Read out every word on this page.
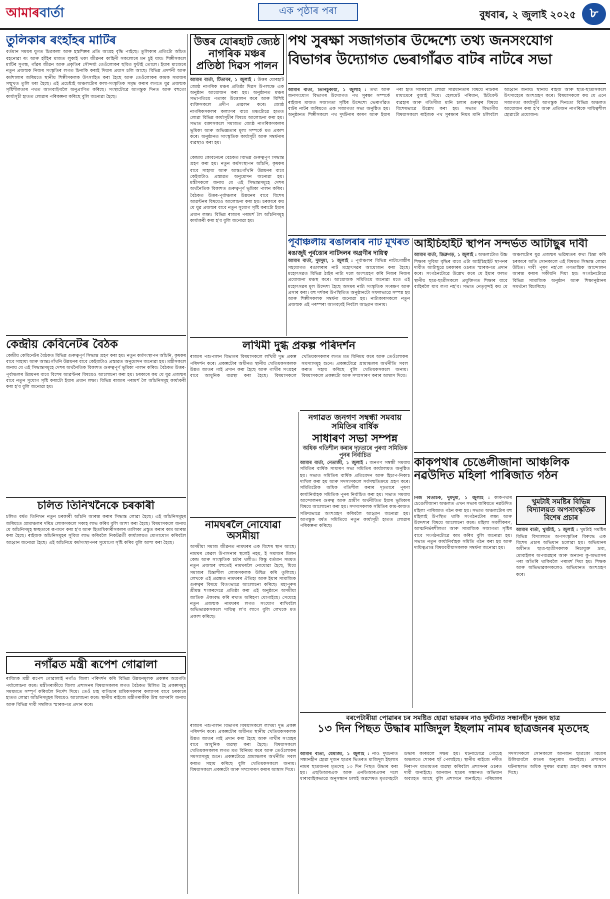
আমাৰবাৰ্তা	এক পৃষ্ঠাৰ পৰা	বুধবাৰ, ২ জুলাই ২০২৫	৮
তুলিকাৰ ৰংহাঁহৰ মাটিৰ
বর্তমান সময়ৰ যুগত চিত্ৰকলা আৰু হস্তশিল্পৰ প্রতি আগ্ৰহ বৃদ্ধি পাইছে। তুলিকাৰ প্রতিটো আঁচত বহনোৱা ৰং আৰু হাঁহিৰ মাজত লুকাই থকা জীৱনৰ কাহিনী সকলোৰে মন চুই যায়। শিল্পীসকলে মাটিৰ সুগন্ধ, গাঁৱৰ জীৱন আৰু প্ৰকৃতিৰ সৌন্দৰ্য্য তেওঁলোকৰ ছবিত ফুটাই তোলে। ইয়াৰ মাজেৰে নতুন প্ৰজন্মক নিজৰ সংস্কৃতিৰ লগত চিনাকি কৰাই দিয়াৰ প্ৰয়াস চলি আছে। বিভিন্ন প্ৰদৰ্শনী আৰু কৰ্মশালাৰ জৰিয়তে স্থানীয় শিল্পীসকলক উৎসাহিত কৰা হৈছে আৰু তেওঁলোকৰ কামক সমাজৰ সন্মুখত তুলি ধৰা হৈছে। এই প্ৰচেষ্টাই অঞ্চলটোৰ কলা-সংস্কৃতিক সমৃদ্ধ কৰাৰ লগতে যুৱ প্ৰজন্মক সৃষ্টিশীলতাৰ পথত আগবাঢ়িবলৈ অনুপ্ৰাণিত কৰিছে। সংস্থাটোৱে আগন্তুক দিনত আৰু বহুতো কাৰ্য্যসূচী হাতত লোৱাৰ পৰিকল্পনা কৰিছে বুলি জনোৱা হৈছে।
উত্তৰ যোৰহাট জ্যেষ্ঠ নাগৰিক মঞ্চৰ প্ৰতিষ্ঠা দিৱস পালন
আমাৰ বাৰ্তা, টিতাবৰ, ১ জুলাই : উত্তৰ যোৰহাট জ্যেষ্ঠ নাগৰিক মঞ্চৰ প্ৰতিষ্ঠা দিৱস উপলক্ষে এক অনুষ্ঠান আয়োজন কৰা হয়। অনুষ্ঠানত মঞ্চৰ সভাপতিয়ে পতাকা উত্তোলন কৰে আৰু বিশিষ্ট ব্যক্তিসকলে প্ৰদীপ প্ৰজ্বলন কৰে। জ্যেষ্ঠ নাগৰিকসকলৰ কল্যাণৰ বাবে মঞ্চটোৱে হাতত লোৱা বিভিন্ন কাৰ্য্যসূচীৰ বিষয়ে আলোচনা কৰা হয়। সভাত বক্তাসকলে সমাজত জ্যেষ্ঠ নাগৰিকসকলৰ ভূমিকা আৰু অভিজ্ঞতাৰ মূল্য সম্পৰ্কে মত প্ৰকাশ কৰে। অনুষ্ঠানত সাংস্কৃতিক কাৰ্য্যসূচী আৰু সম্বৰ্ধনাৰ ব্যৱস্থাও কৰা হয়।
পথ সুৰক্ষা সজাগতাৰ উদ্দেশ্যে তথ্য জনসংযোগ
বিভাগৰ উদ্যোগত ভেৰাগাঁৱত বাটৰ নাটৰে সভা
আমাৰ বাৰ্তা, তিনিচুকীয়া, ১ জুলাই : তথ্য আৰু জনসংযোগ বিভাগৰ উদ্যোগত পথ সুৰক্ষা সম্পৰ্কে ৰাইজৰ মাজত সজাগতা সৃষ্টিৰ উদ্দেশ্যে ভেৰাগাঁৱত বাটৰ নাটৰ জৰিয়তে এক সজাগতা সভা অনুষ্ঠিত হয়। অনুষ্ঠানত শিল্পীসকলে পথ দুৰ্ঘটনাৰ কাৰণ আৰু ইয়াৰ পৰা হাত সাৰিবলৈ লোৱা সাৱধানতাৰ বিষয়ে নাটকৰ মাধ্যমেৰে বুজাই দিয়ে। হেলমেট পৰিধান, চিটবেল্ট ব্যৱহাৰ আৰু গতিসীমা মানি চলাৰ গুৰুত্বৰ বিষয়ে বিশেষভাৱে উল্লেখ কৰা হয়। সভাত বিভাগীয় বিষয়াসকলে ৰাইজক পথ সুৰক্ষাৰ নিয়ম মানি চলিবলৈ আহ্বান জনায়। স্থানীয় ৰাইজ আৰু ছাত্ৰ-ছাত্ৰীসকলে উৎসাহেৰে অংশগ্ৰহণ কৰে। বিষয়াসকলে কয় যে এনে সজাগতা কাৰ্য্যসূচী আগন্তুক দিনতো বিভিন্ন অঞ্চলত আয়োজন কৰা হ'ব আৰু প্ৰতিজন নাগৰিকে দায়িত্বশীল হোৱাটো প্ৰয়োজন।
কেন্দ্ৰীয় কেবিনেটৰ বৈঠকত বিভিন্ন গুৰুত্বপূৰ্ণ সিদ্ধান্ত গ্ৰহণ কৰা হয়। নতুন কৰ্মসংস্থাপন আঁচনি, কৃষকৰ বাবে সাহায্য আৰু আন্তঃগাঁথনি উন্নয়নৰ বাবে কেইবাটাও প্ৰস্তাৱত অনুমোদন জনোৱা হয়। মন্ত্ৰীসকলে জনায় যে এই সিদ্ধান্তসমূহে দেশৰ অৰ্থনৈতিক বিকাশত গুৰুত্বপূৰ্ণ ভূমিকা পালন কৰিব। বৈঠকত উত্তৰ-পূৰ্বাঞ্চলৰ উন্নয়নৰ বাবে বিশেষ আৱণ্টনৰ বিষয়েও আলোচনা কৰা হয়। চৰকাৰে কয় যে যুৱ প্ৰজন্মৰ বাবে নতুন সুযোগ সৃষ্টি কৰাটো ইয়াৰ প্ৰধান লক্ষ্য। বিভিন্ন ৰাজ্যৰ পৰামৰ্শ লৈ আঁচনিসমূহ কাৰ্য্যকৰী কৰা হ'ব বুলি জনোৱা হয়।
পূৰ্বাঞ্চলীয় ৰঙালৰাৰ নাট মূখৰত
ৰঙাজুই পূৰ্বত্তোৰ নাটিদলৰ অগ্ৰণীৰ দায়িত্ব
আমাৰ বাৰ্তা, দুমদুমা, ১ জুলাই : পূৰ্বাঞ্চলৰ বিভিন্ন নাট্যগোষ্ঠীৰ সহযোগত ৰঙালৰাৰ নাট মহোৎসৱৰ আয়োজন কৰা হৈছে। মহোৎসৱত বিভিন্ন ঠাইৰ নাট্য দলে অংশগ্ৰহণ কৰি নিজৰ নিজৰ প্ৰযোজনা মঞ্চস্থ কৰে। আয়োজক সমিতিয়ে জনোৱা মতে এই মহোৎসৱৰ মূল উদ্দেশ্য হৈছে অসমৰ নাট্য সংস্কৃতিক সংৰক্ষণ আৰু প্ৰসাৰ কৰা। বহু দৰ্শকৰ উপস্থিতিত অনুষ্ঠানটো সফলভাৱে সম্পন্ন হয় আৰু শিল্পীসকলক সম্বৰ্ধনা জনোৱা হয়। নাট্যকাৰসকলে নতুন প্ৰজন্মক এই পৰম্পৰা আগবঢ়াই নিবলৈ আহ্বান জনায়।
আইচিহাইট স্থাপন সন্দৰ্ভত আটাছুৰ দাবী
আমাৰ বাৰ্তা, ডিব্ৰুগড়, ১ জুলাই : অঞ্চলটোত উচ্চ শিক্ষাৰ সুবিধা বৃদ্ধিৰ বাবে এটা আইচিহাইট স্থাপনৰ দাবীত আটাছুৱে চৰকাৰৰ ওচৰত স্মাৰকপত্ৰ প্ৰদান কৰে। সংগঠনটোৱে উল্লেখ কৰে যে ইয়াৰ ফলত স্থানীয় ছাত্ৰ-ছাত্ৰীসকলে প্ৰযুক্তিগত শিক্ষাৰ বাবে বাহিৰলৈ যাব লগা নহ'ব। সভাত নেতৃবৃন্দই কয় যে অঞ্চলটোৰ যুৱ প্ৰজন্মৰ ভৱিষ্যতৰ কথা চিন্তা কৰি চৰকাৰে অতি সোনকালে এই বিষয়ত সিদ্ধান্ত লোৱা উচিত। দাবী পূৰণ নহ'লে গণতান্ত্ৰিক আন্দোলন আৰম্ভ কৰাৰ সকীয়নি দিয়া হয়। সংগঠনটোৱে বিভিন্ন সামাজিক অনুষ্ঠান আৰু শিক্ষানুষ্ঠানৰ সমৰ্থনো বিচাৰিছে।
কেন্দ্ৰীয় কেবিনেটৰ বৈঠক
কেন্দ্ৰীয় কেবিনেটৰ বৈঠকত বিভিন্ন গুৰুত্বপূৰ্ণ সিদ্ধান্ত গ্ৰহণ কৰা হয়। নতুন কৰ্মসংস্থাপন আঁচনি, কৃষকৰ বাবে সাহায্য আৰু আন্তঃগাঁথনি উন্নয়নৰ বাবে কেইবাটাও প্ৰস্তাৱত অনুমোদন জনোৱা হয়। মন্ত্ৰীসকলে জনায় যে এই সিদ্ধান্তসমূহে দেশৰ অৰ্থনৈতিক বিকাশত গুৰুত্বপূৰ্ণ ভূমিকা পালন কৰিব। বৈঠকত উত্তৰ-পূৰ্বাঞ্চলৰ উন্নয়নৰ বাবে বিশেষ আৱণ্টনৰ বিষয়েও আলোচনা কৰা হয়। চৰকাৰে কয় যে যুৱ প্ৰজন্মৰ বাবে নতুন সুযোগ সৃষ্টি কৰাটো ইয়াৰ প্ৰধান লক্ষ্য। বিভিন্ন ৰাজ্যৰ পৰামৰ্শ লৈ আঁচনিসমূহ কাৰ্য্যকৰী কৰা হ'ব বুলি জনোৱা হয়।
লখিমী দুগ্ধ প্ৰকল্প পৰিদৰ্শন
ৰাজ্যৰ পশুপালন বিভাগৰ বিষয়াসকলে লখিমী দুগ্ধ প্ৰকল্প পৰিদৰ্শন কৰে। প্ৰকল্পটোৰ অধীনত স্থানীয় খেতিয়কসকলক উন্নত জাতৰ গাই প্ৰদান কৰা হৈছে আৰু গাখীৰ সংগ্ৰহৰ বাবে আধুনিক ব্যৱস্থা কৰা হৈছে। বিষয়াসকলে খেতিয়কসকলৰ লগত মত বিনিময় কৰে আৰু তেওঁলোকৰ সমস্যাসমূহ শুনে। প্ৰকল্পটোৱে গ্ৰামাঞ্চলৰ অৰ্থনীতি সবল কৰাত সহায় কৰিছে বুলি খেতিয়কসকলে জনায়। বিষয়াসকলে প্ৰকল্পটো আৰু সম্প্ৰসাৰণ কৰাৰ আশ্বাস দিয়ে।
নগাঁৱত জনগণ সম্বন্ধী সমবায় সমিতিৰ বাৰ্ষিক
সাধাৰণ সভা সম্পন্ন
অধিক গতিশীল কৰাৰ দৃঢ়তাৰে পুৰণা সমিতিক পুনৰ নিৰ্বাচিত
আমাৰ বাৰ্তা, নেতাজী, ১ জুলাই : জনগণ সম্বন্ধী সমবায় সমিতিৰ বাৰ্ষিক সাধাৰণ সভা সমিতিৰ কাৰ্য্যালয়ত অনুষ্ঠিত হয়। সভাত সমিতিৰ বাৰ্ষিক প্ৰতিবেদন আৰু হিচাপ-নিকাচ দাখিল কৰা হয় আৰু সদস্যসকলে সৰ্বসন্মতিক্ৰমে গ্ৰহণ কৰে। সমিতিটোক অধিক গতিশীল কৰাৰ দৃঢ়তাৰে পুৰণা কাৰ্য্যনিৰ্বাহক সমিতিক পুনৰ নিৰ্বাচিত কৰা হয়। সভাত সমবায় আন্দোলনৰ গুৰুত্ব আৰু গ্ৰামীণ অৰ্থনীতিত ইয়াৰ ভূমিকাৰ বিষয়ে আলোচনা কৰা হয়। সদস্যসকলক সমিতিৰ কাম-কাজত সক্ৰিয়ভাৱে অংশগ্ৰহণ কৰিবলৈ আহ্বান জনোৱা হয়। আগন্তুক বৰ্ষত সমিতিয়ে নতুন কাৰ্য্যসূচী হাতত লোৱাৰ পৰিকল্পনা কৰিছে।
কাকপথাৰ চেঙেলীজানা আঞ্চলিক
নৱউদিত মহিলা পাৰিজাত গঠন
নিজ বিৰ্তাচক, দুমদুমা, ১ জুলাই : কাকপথাৰ চেঙেলীজানা অঞ্চলত এখন সভাৰ জৰিয়তে নৱউদিত মহিলা পাৰিজাত গঠন কৰা হয়। সভাত অঞ্চলটোৰ বহু মহিলাই উপস্থিত থাকি সংগঠনটোৰ লক্ষ্য আৰু উদ্দেশ্যৰ বিষয়ে আলোচনা কৰে। মহিলা সবলীকৰণ, আত্মনিৰ্ভৰশীলতা আৰু সামাজিক সজাগতা সৃষ্টিৰ বাবে সংগঠনটোৱে কাম কৰিব বুলি জনোৱা হয়। সভাত নতুন কাৰ্য্যনিৰ্বাহক সমিতি গঠন কৰা হয় আৰু দায়িত্বপ্ৰাপ্ত বিষয়ববীয়াসকলক সম্বৰ্ধনা জনোৱা হয়।
খুমটাই সমষ্টিৰ বিভিন্ন বিদ্যালয়ত অপসাংস্কৃতিক বিশেষ প্ৰচাৰ
আমাৰ বাৰ্তা, খুমটাই, ১ জুলাই : খুমটাই সমষ্টিৰ বিভিন্ন বিদ্যালয়ত অপসংস্কৃতিৰ বিৰুদ্ধে এক বিশেষ প্ৰচাৰ অভিযান চলোৱা হয়। অভিযানৰ অধীনত ছাত্ৰ-ছাত্ৰীসকলক নিচাযুক্ত দ্ৰব্য, মোবাইলৰ অপব্যৱহাৰ আৰু অন্যান্য কু-অভ্যাসৰ পৰা আঁতৰি থাকিবলৈ পৰামৰ্শ দিয়া হয়। শিক্ষক আৰু অভিভাৱকসকলেও অভিযানত অংশগ্ৰহণ কৰে।
চলিত তিনিখনৈকে চৰকাৰী
চলিত বৰ্ষত তিনিখন নতুন চৰকাৰী আঁচনি আৰম্ভ কৰাৰ সিদ্ধান্ত লোৱা হৈছে। এই আঁচনিসমূহৰ জৰিয়তে গ্ৰামাঞ্চলৰ দৰিদ্ৰ লোকসকলে সকাহ লাভ কৰিব বুলি আশা কৰা হৈছে। বিষয়াসকলে জনায় যে আঁচনিসমূহ স্বচ্ছতাৰে ৰূপায়ণ কৰা হ'ব আৰু হিতাধিকাৰীসকলৰ তালিকা প্ৰস্তুত কৰাৰ কাম আৰম্ভ কৰা হৈছে। ৰাইজক আঁচনিসমূহৰ সুবিধা লাভ কৰিবলৈ নিকটৱৰ্তী কাৰ্য্যালয়ত যোগাযোগ কৰিবলৈ আহ্বান জনোৱা হৈছে। এই আঁচনিয়ে কৰ্মসংস্থাপনৰ সুযোগো সৃষ্টি কৰিব বুলি আশা কৰা হৈছে।
নামঘৰলৈ নোযোৱা অসমীয়া
অসমীয়া সমাজ জীৱনত নামঘৰৰ এক বিশেষ স্থান আছে। নামঘৰ কেৱল উপাসনাৰ স্থলেই নহয়, ই সমাজৰ মিলন কেন্দ্ৰ আৰু সাংস্কৃতিক চৰ্চাৰ থলীও। কিন্তু বৰ্তমান সময়ত নতুন প্ৰজন্মৰ বহুতেই নামঘৰলৈ নোযোৱা হৈছে, যিয়ে সমাজৰ চিন্তাশীল লোকসকলক উদ্বিগ্ন কৰি তুলিছে। লেখকে এই প্ৰৱন্ধত নামঘৰৰ ঐতিহ্য আৰু ইয়াৰ সামাজিক গুৰুত্বৰ বিষয়ে বিতংভাৱে আলোচনা কৰিছে। মহাপুৰুষ শ্ৰীমন্ত শংকৰদেৱে প্ৰতিষ্ঠা কৰা এই অনুষ্ঠানে অসমীয়া জাতিক ঐক্যবদ্ধ কৰি ৰখাত অৰিহণা যোগাইছে। সেয়েহে নতুন প্ৰজন্মক নামঘৰৰ লগত সংযোগ ৰাখিবলৈ অভিভাৱকসকলে দায়িত্ব ল'ব লাগে বুলি লেখকে মত প্ৰকাশ কৰিছে।
বৰপেটাৰীয়া পোৱাৰৰ চৰ সমষ্টিত হোৱা ভাৱকৰ নাও দুৰ্ঘটনাত সন্ধানহীন দুজন ছাত্ৰ
১৩ দিন পিছত উদ্ধাৰ মাজিদুল ইছলাম নামৰ ছাত্ৰজনৰ মৃতদেহ
আমাৰ বাৰ্তা, ধেমাজী, ১ জুলাই : নাও দুৰ্ঘটনাত সন্ধানহীন হোৱা দুজন ছাত্ৰৰ ভিতৰত মাজিদুল ইছলাম নামৰ ছাত্ৰজনৰ মৃতদেহ ১৩ দিন পিছত উদ্ধাৰ কৰা হয়। এছডিআৰএফ আৰু এনডিআৰএফৰ দলে ধাৰাবাহিকভাৱে অনুসন্ধান চলাই অৱশেষত মৃতদেহটো উদ্ধাৰ কৰিবলৈ সক্ষম হয়। ঘটনাটোৱে গোটেই অঞ্চলতে শোকৰ ছাঁ পেলাইছে। স্থানীয় ৰাইজে নদীত নিৰাপদ যাতায়তৰ ব্যৱস্থা কৰিবলৈ প্ৰশাসনৰ ওচৰত দাবী জনাইছে। আনজন ছাত্ৰৰ সন্ধানত অভিযান অব্যাহত আছে বুলি প্ৰশাসনে জনাইছে। পৰিয়ালৰ সদস্যসকলে সোনকালে আনজন ছাত্ৰকো বিচাৰি উলিয়াবলৈ কাতৰ অনুৰোধ জনাইছে। প্ৰশাসনে ঘটনাস্থলত অধিক সুৰক্ষা ব্যৱস্থা গ্ৰহণ কৰাৰ আশ্বাস দিছে।
নগাঁৱত মন্ত্ৰী ৰূপেশ গোৱালা
ৰাজ্যিক মন্ত্ৰী ৰূপেশ গোৱালাই নগাঁও জিলা পৰিদৰ্শন কৰি বিভিন্ন উন্নয়নমূলক প্ৰকল্পৰ অগ্ৰগতি পৰ্যালোচনা কৰে। মন্ত্ৰীগৰাকীয়ে জিলা প্ৰশাসনৰ বিষয়াসকলৰ লগত বৈঠকত মিলিত হৈ প্ৰকল্পসমূহ সময়মতে সম্পূৰ্ণ কৰিবলৈ নিৰ্দেশ দিয়ে। তেওঁ চাহ বাগিচাৰ শ্ৰমিকসকলৰ কল্যাণৰ বাবে চৰকাৰে হাতত লোৱা আঁচনিসমূহৰ বিষয়েও আলোচনা কৰে। স্থানীয় ৰাইজে মন্ত্ৰীগৰাকীক উষ্ম আদৰণি জনায় আৰু বিভিন্ন দাবী সম্বলিত স্মাৰকপত্ৰ প্ৰদান কৰে।
ৰাজ্যৰ পশুপালন বিভাগৰ বিষয়াসকলে লখিমী দুগ্ধ প্ৰকল্প পৰিদৰ্শন কৰে। প্ৰকল্পটোৰ অধীনত স্থানীয় খেতিয়কসকলক উন্নত জাতৰ গাই প্ৰদান কৰা হৈছে আৰু গাখীৰ সংগ্ৰহৰ বাবে আধুনিক ব্যৱস্থা কৰা হৈছে। বিষয়াসকলে খেতিয়কসকলৰ লগত মত বিনিময় কৰে আৰু তেওঁলোকৰ সমস্যাসমূহ শুনে। প্ৰকল্পটোৱে গ্ৰামাঞ্চলৰ অৰ্থনীতি সবল কৰাত সহায় কৰিছে বুলি খেতিয়কসকলে জনায়। বিষয়াসকলে প্ৰকল্পটো আৰু সম্প্ৰসাৰণ কৰাৰ আশ্বাস দিয়ে।
